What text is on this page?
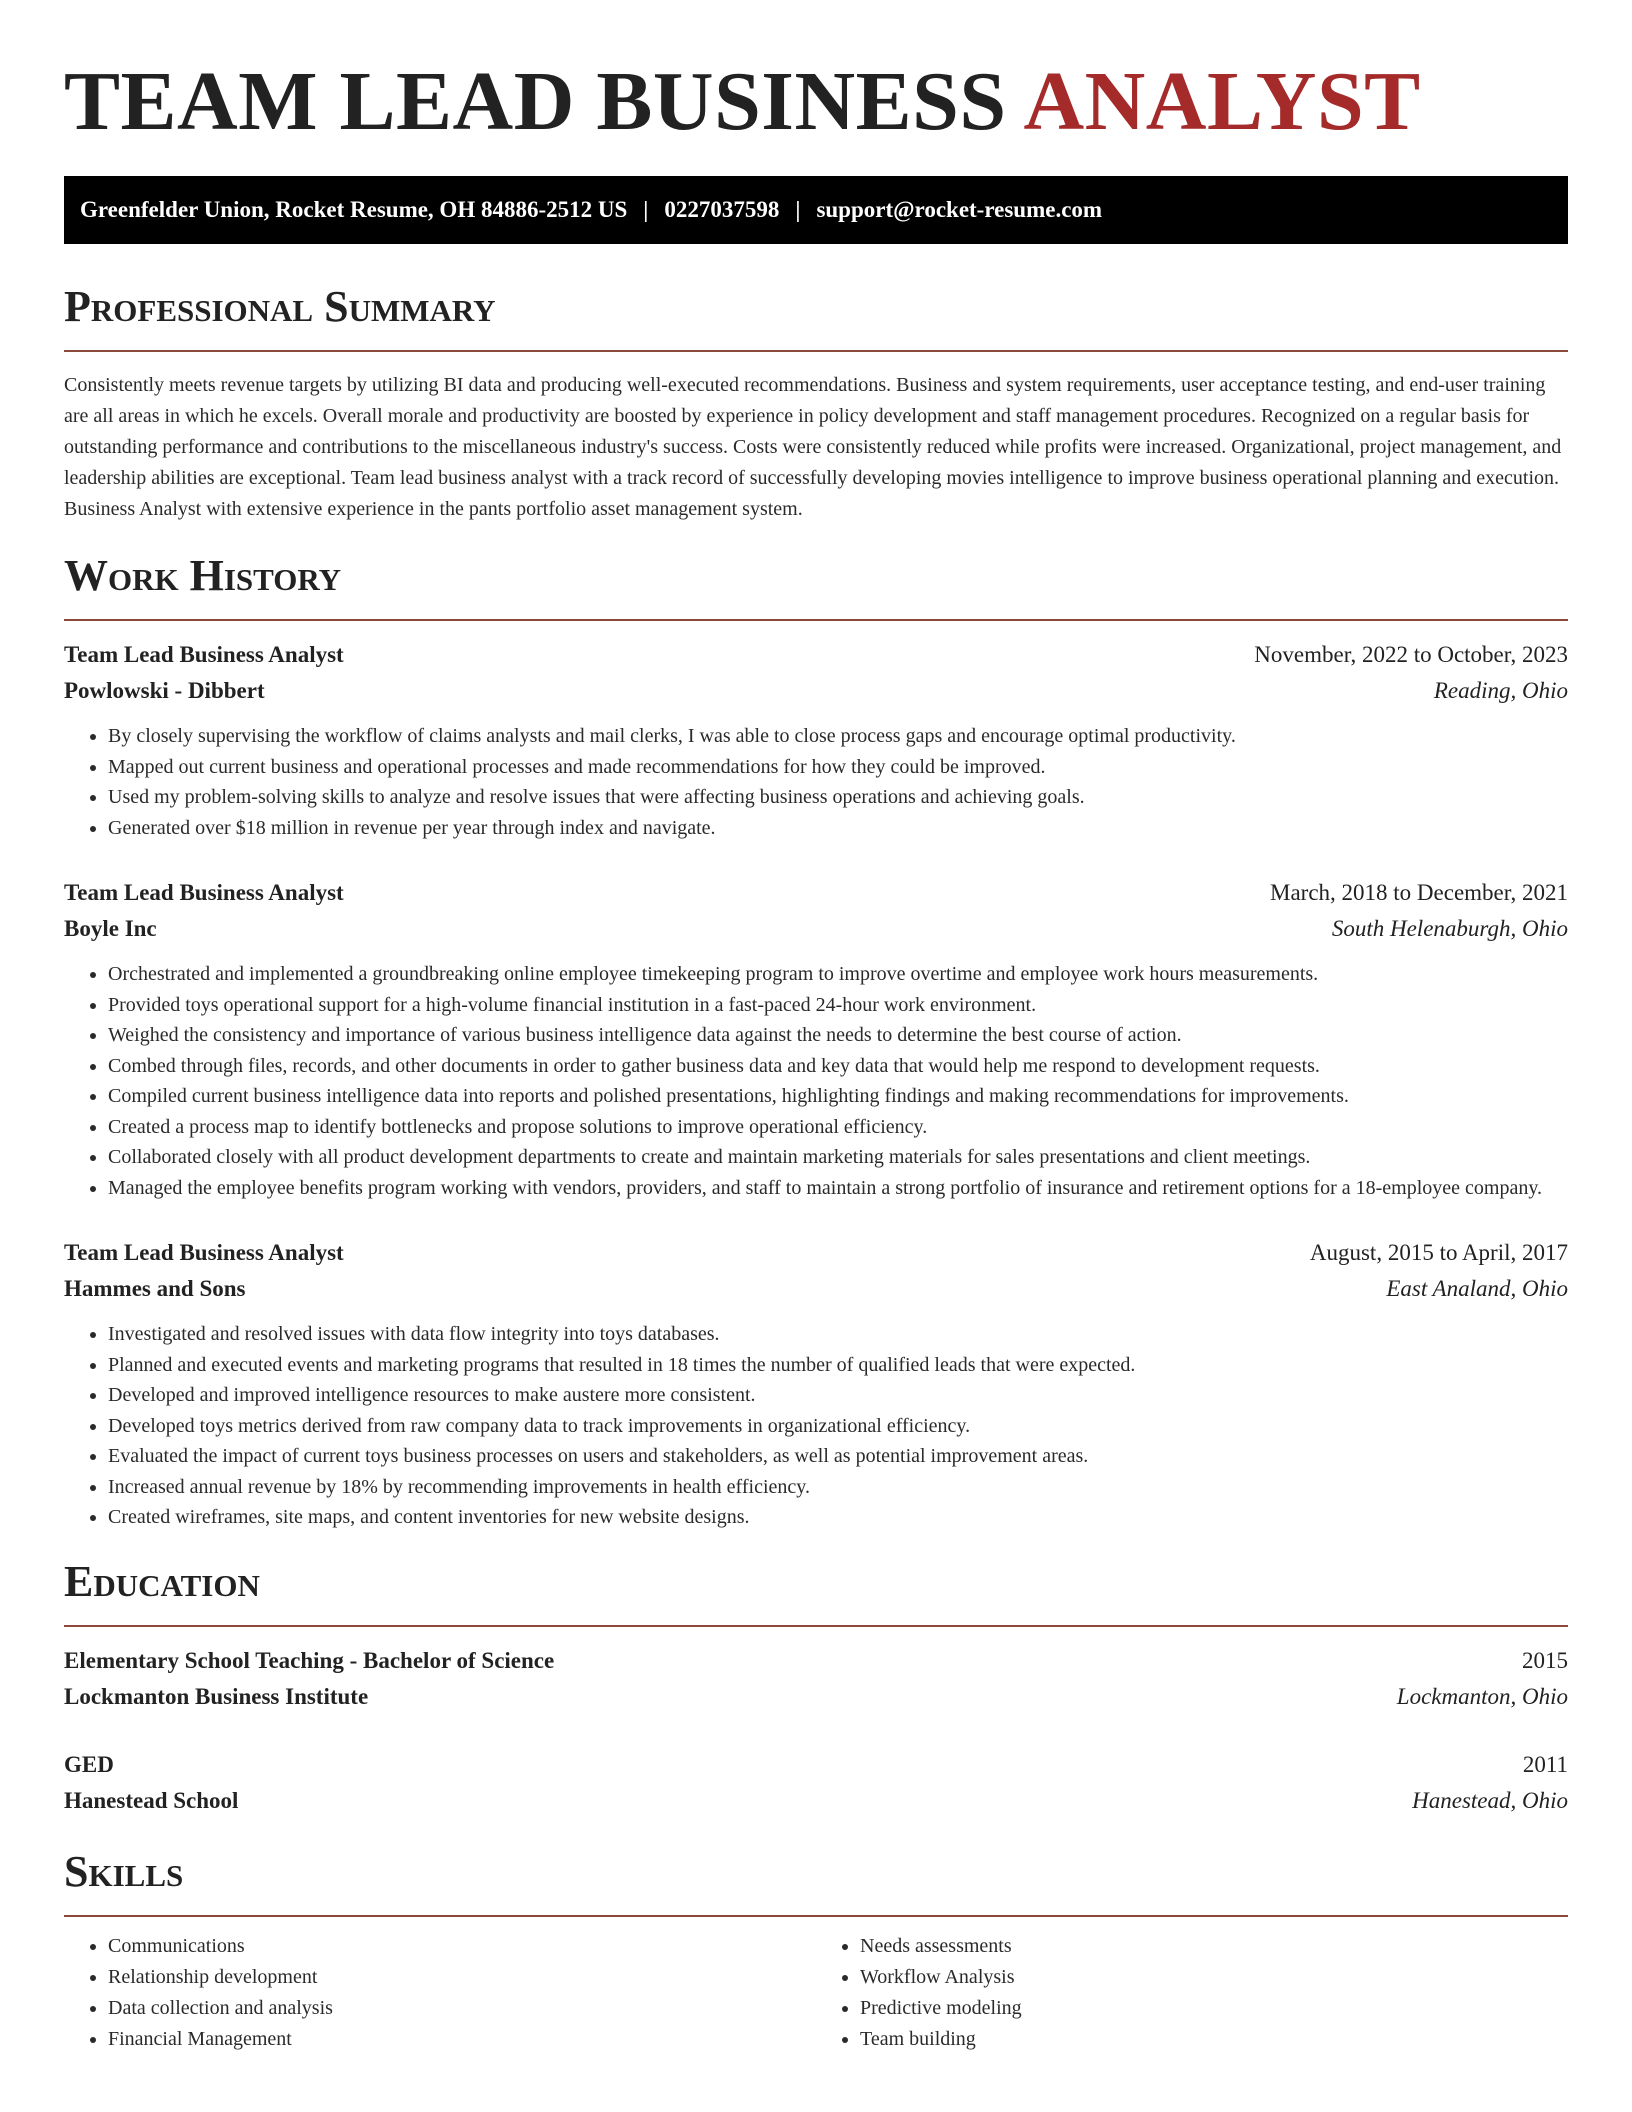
TEAM LEAD BUSINESS ANALYST
Greenfelder Union, Rocket Resume, OH 84886-2512 US | 0227037598 | support@rocket-resume.com
Professional Summary

Consistently meets revenue targets by utilizing BI data and producing well-executed recommendations. Business and system requirements, user acceptance testing, and end-user training are all areas in which he excels. Overall morale and productivity are boosted by experience in policy development and staff management procedures. Recognized on a regular basis for outstanding performance and contributions to the miscellaneous industry's success. Costs were consistently reduced while profits were increased. Organizational, project management, and leadership abilities are exceptional. Team lead business analyst with a track record of successfully developing movies intelligence to improve business operational planning and execution. Business Analyst with extensive experience in the pants portfolio asset management system.

Work History
Team Lead Business Analyst	November, 2022 to October, 2023
Powlowski - Dibbert	Reading, Ohio
• By closely supervising the workflow of claims analysts and mail clerks, I was able to close process gaps and encourage optimal productivity.
• Mapped out current business and operational processes and made recommendations for how they could be improved.
• Used my problem-solving skills to analyze and resolve issues that were affecting business operations and achieving goals.
• Generated over $18 million in revenue per year through index and navigate.
Team Lead Business Analyst	March, 2018 to December, 2021
Boyle Inc	South Helenaburgh, Ohio
• Orchestrated and implemented a groundbreaking online employee timekeeping program to improve overtime and employee work hours measurements.
• Provided toys operational support for a high-volume financial institution in a fast-paced 24-hour work environment.
• Weighed the consistency and importance of various business intelligence data against the needs to determine the best course of action.
• Combed through files, records, and other documents in order to gather business data and key data that would help me respond to development requests.
• Compiled current business intelligence data into reports and polished presentations, highlighting findings and making recommendations for improvements.
• Created a process map to identify bottlenecks and propose solutions to improve operational efficiency.
• Collaborated closely with all product development departments to create and maintain marketing materials for sales presentations and client meetings.
• Managed the employee benefits program working with vendors, providers, and staff to maintain a strong portfolio of insurance and retirement options for a 18-employee company.
Team Lead Business Analyst	August, 2015 to April, 2017
Hammes and Sons	East Analand, Ohio
• Investigated and resolved issues with data flow integrity into toys databases.
• Planned and executed events and marketing programs that resulted in 18 times the number of qualified leads that were expected.
• Developed and improved intelligence resources to make austere more consistent.
• Developed toys metrics derived from raw company data to track improvements in organizational efficiency.
• Evaluated the impact of current toys business processes on users and stakeholders, as well as potential improvement areas.
• Increased annual revenue by 18% by recommending improvements in health efficiency.
• Created wireframes, site maps, and content inventories for new website designs.
Education
Elementary School Teaching - Bachelor of Science	2015
Lockmanton Business Institute	Lockmanton, Ohio
GED	2011
Hanestead School	Hanestead, Ohio
Skills
• Communications
• Relationship development
• Data collection and analysis
• Financial Management
• Needs assessments
• Workflow Analysis
• Predictive modeling
• Team building
